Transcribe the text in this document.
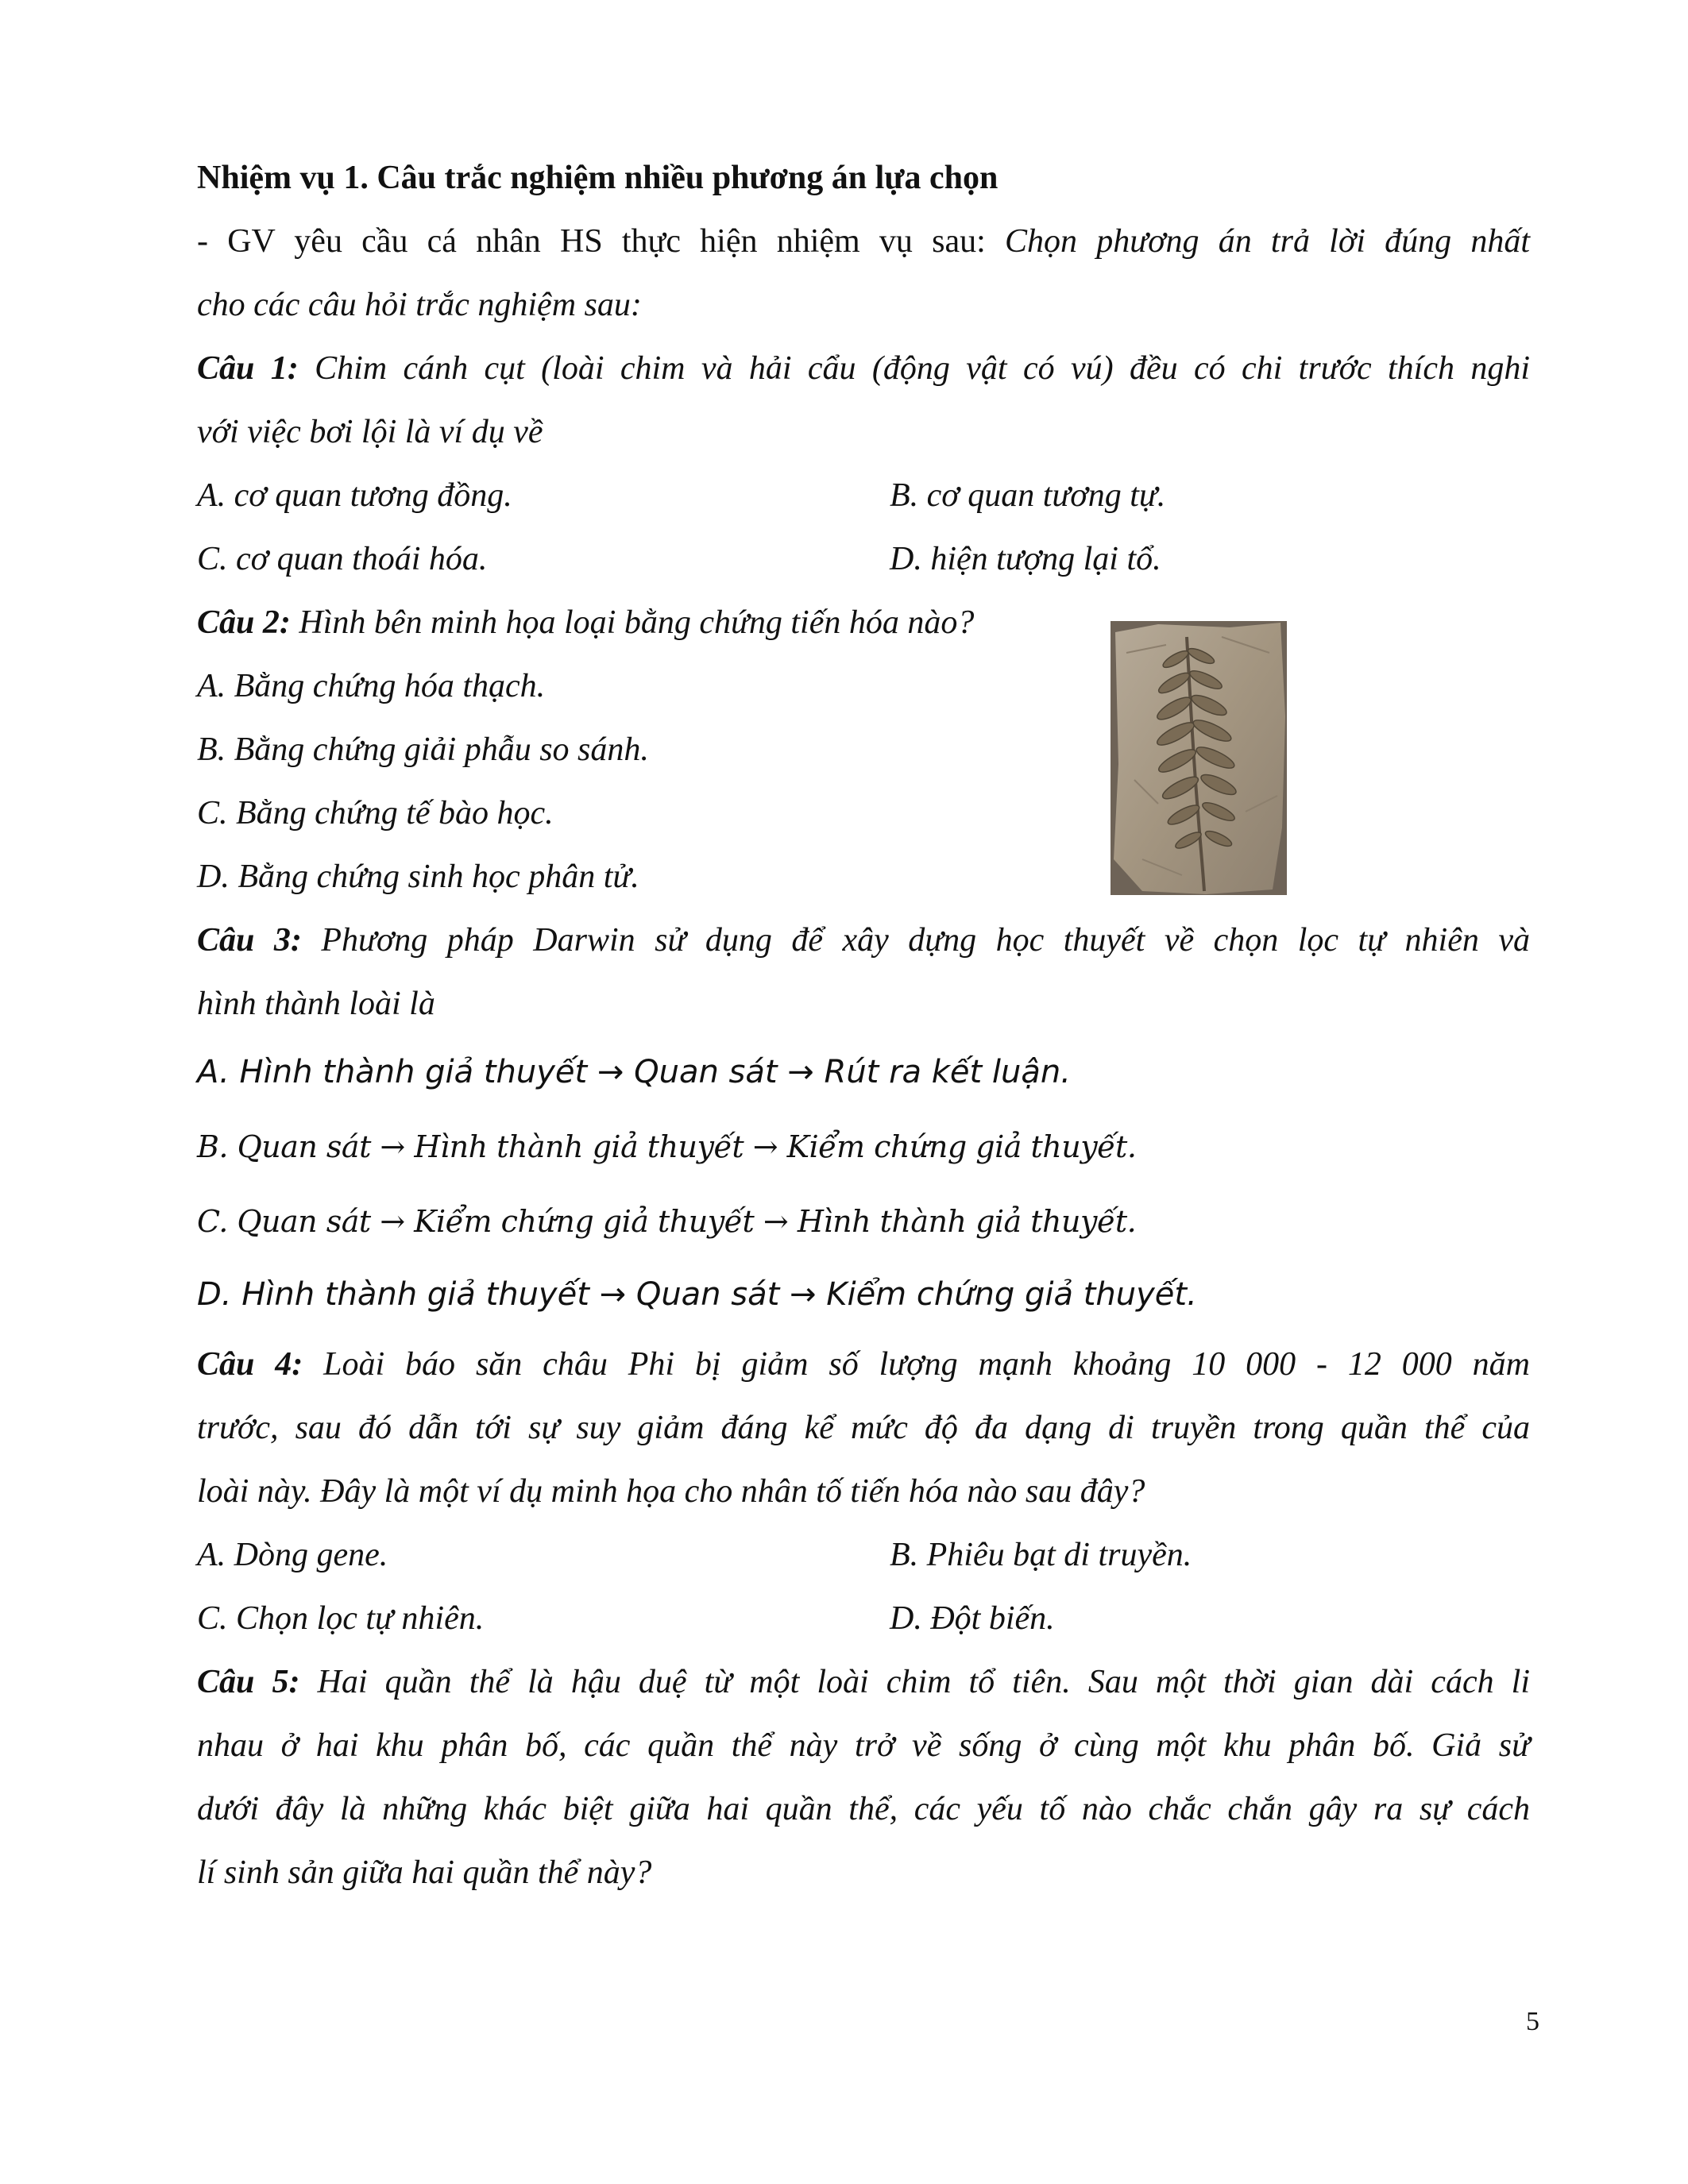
Nhiệm vụ 1. Câu trắc nghiệm nhiều phương án lựa chọn
- GV yêu cầu cá nhân HS thực hiện nhiệm vụ sau: Chọn phương án trả lời đúng nhất
cho các câu hỏi trắc nghiệm sau:
Câu 1: Chim cánh cụt (loài chim và hải cẩu (động vật có vú) đều có chi trước thích nghi
với việc bơi lội là ví dụ về
A. cơ quan tương đồng.	B. cơ quan tương tự.
C. cơ quan thoái hóa.	D. hiện tượng lại tổ.
Câu 2: Hình bên minh họa loại bằng chứng tiến hóa nào?
A. Bằng chứng hóa thạch.
B. Bằng chứng giải phẫu so sánh.
C. Bằng chứng tế bào học.
D. Bằng chứng sinh học phân tử.
Câu 3: Phương pháp Darwin sử dụng để xây dựng học thuyết về chọn lọc tự nhiên và
hình thành loài là
A. Hình thành giả thuyết → Quan sát → Rút ra kết luận.
B. Quan sát → Hình thành giả thuyết → Kiểm chứng giả thuyết.
C. Quan sát → Kiểm chứng giả thuyết → Hình thành giả thuyết.
D. Hình thành giả thuyết → Quan sát → Kiểm chứng giả thuyết.
Câu 4: Loài báo săn châu Phi bị giảm số lượng mạnh khoảng 10 000 - 12 000 năm
trước, sau đó dẫn tới sự suy giảm đáng kể mức độ đa dạng di truyền trong quần thể của
loài này. Đây là một ví dụ minh họa cho nhân tố tiến hóa nào sau đây?
A. Dòng gene.	B. Phiêu bạt di truyền.
C. Chọn lọc tự nhiên.	D. Đột biến.
Câu 5: Hai quần thể là hậu duệ từ một loài chim tổ tiên. Sau một thời gian dài cách li
nhau ở hai khu phân bố, các quần thể này trở về sống ở cùng một khu phân bố. Giả sử
dưới đây là những khác biệt giữa hai quần thể, các yếu tố nào chắc chắn gây ra sự cách
lí sinh sản giữa hai quần thể này?
5
